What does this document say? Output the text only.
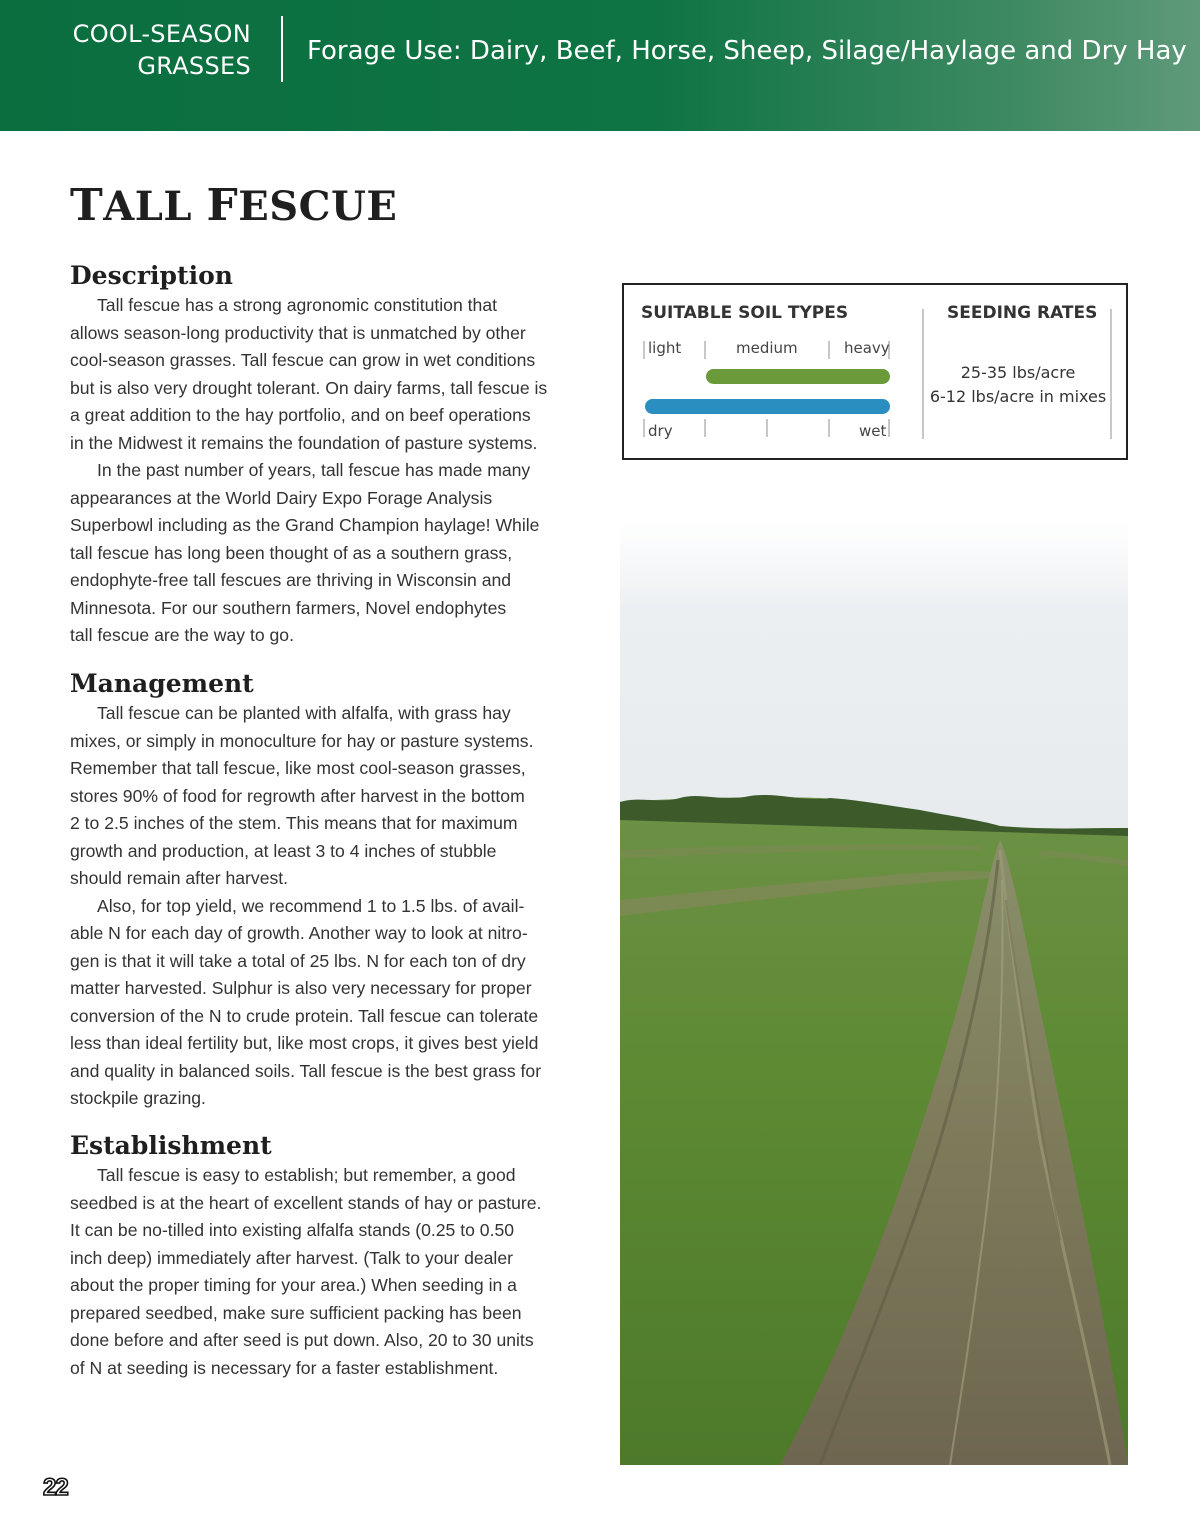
COOL-SEASON
GRASSES Forage Use: Dairy, Beef, Horse, Sheep, Silage/Haylage and Dry Hay
TALL FESCUE
Description

Tall fescue has a strong agronomic constitution that
allows season-long productivity that is unmatched by other
cool-season grasses. Tall fescue can grow in wet conditions
but is also very drought tolerant. On dairy farms, tall fescue is
a great addition to the hay portfolio, and on beef operations
in the Midwest it remains the foundation of pasture systems.

In the past number of years, tall fescue has made many
appearances at the World Dairy Expo Forage Analysis
Superbowl including as the Grand Champion haylage! While
tall fescue has long been thought of as a southern grass,
endophyte-free tall fescues are thriving in Wisconsin and
Minnesota. For our southern farmers, Novel endophytes
tall fescue are the way to go.

Management

Tall fescue can be planted with alfalfa, with grass hay
mixes, or simply in monoculture for hay or pasture systems.
Remember that tall fescue, like most cool-season grasses,
stores 90% of food for regrowth after harvest in the bottom
2 to 2.5 inches of the stem. This means that for maximum
growth and production, at least 3 to 4 inches of stubble
should remain after harvest.

Also, for top yield, we recommend 1 to 1.5 lbs. of avail-
able N for each day of growth. Another way to look at nitro-
gen is that it will take a total of 25 lbs. N for each ton of dry
matter harvested. Sulphur is also very necessary for proper
conversion of the N to crude protein. Tall fescue can tolerate
less than ideal fertility but, like most crops, it gives best yield
and quality in balanced soils. Tall fescue is the best grass for
stockpile grazing.

Establishment

Tall fescue is easy to establish; but remember, a good
seedbed is at the heart of excellent stands of hay or pasture.
It can be no-tilled into existing alfalfa stands (0.25 to 0.50
inch deep) immediately after harvest. (Talk to your dealer
about the proper timing for your area.) When seeding in a
prepared seedbed, make sure sufficient packing has been
done before and after seed is put down. Also, 20 to 30 units
of N at seeding is necessary for a faster establishment.

SUITABLE SOIL TYPES	SEEDING RATES
light	medium	heavy
dry	wet
25-35 lbs/acre
6-12 lbs/acre in mixes
22
